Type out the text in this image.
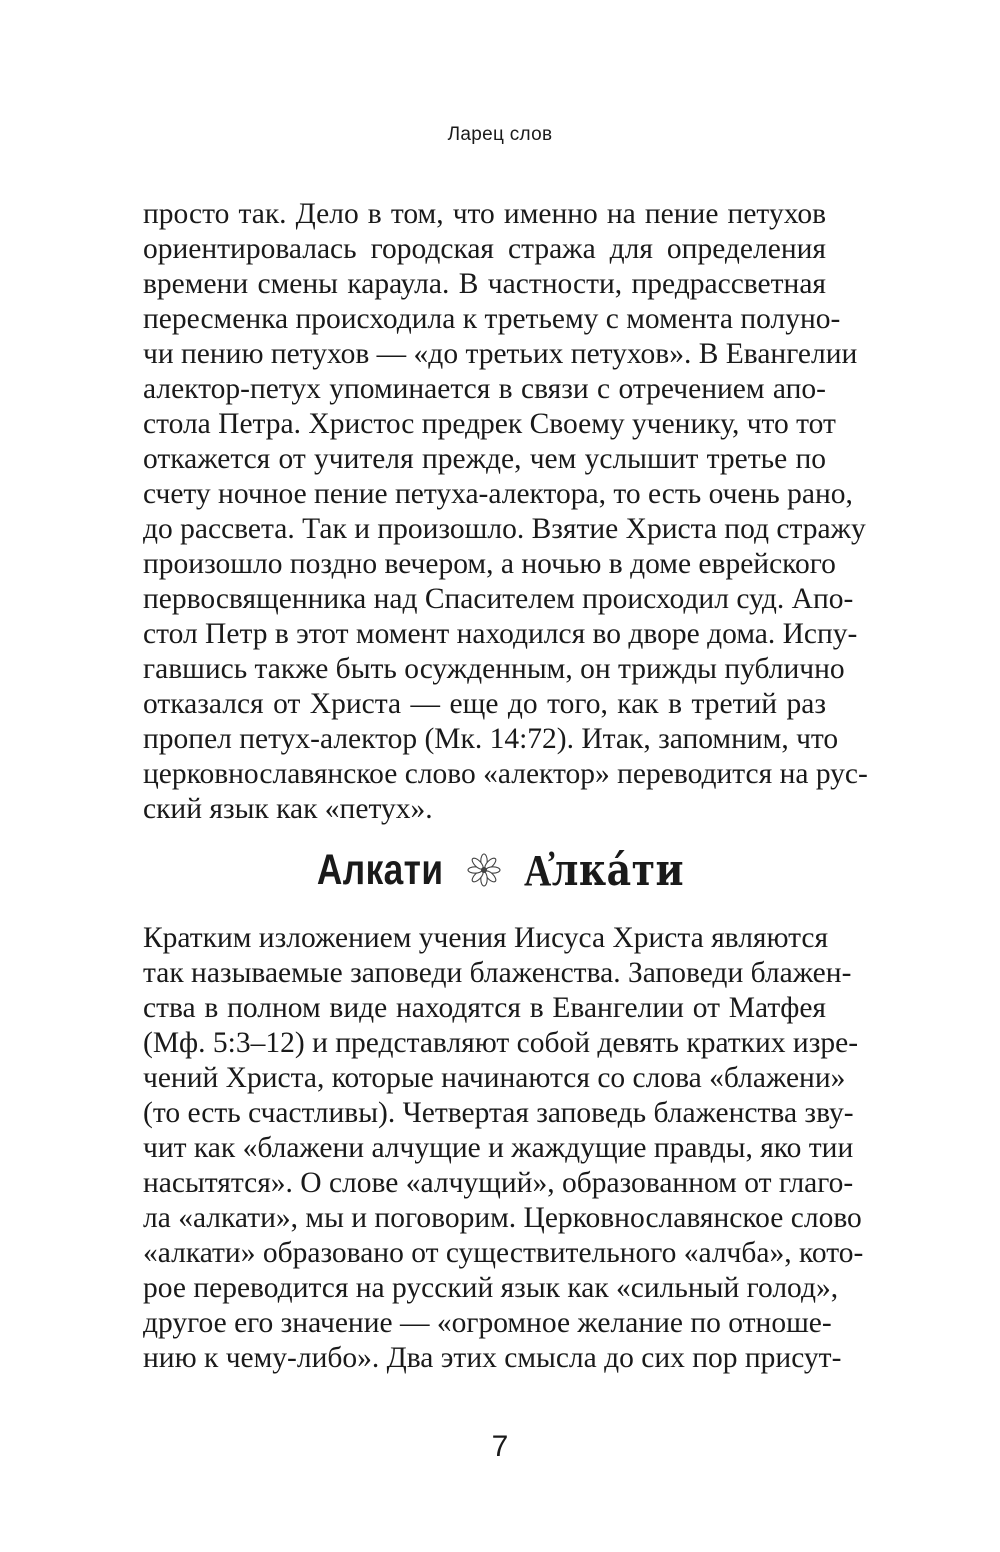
Ларец слов
просто так. Дело в том, что именно на пение петухов
ориентировалась городская стража для определения
времени смены караула. В частности, предрассветная
пересменка происходила к третьему с момента полуно-
чи пению петухов — «до третьих петухов». В Евангелии
алектор-петух упоминается в связи с отречением апо-
стола Петра. Христос предрек Своему ученику, что тот
откажется от учителя прежде, чем услышит третье по
счету ночное пение петуха-алектора, то есть очень рано,
до рассвета. Так и произошло. Взятие Христа под стражу
произошло поздно вечером, а ночью в доме еврейского
первосвященника над Спасителем происходил суд. Апо-
стол Петр в этот момент находился во дворе дома. Испу-
гавшись также быть осужденным, он трижды публично
отказался от Христа — еще до того, как в третий раз
пропел петух-алектор (Мк. 14:72). Итак, запомним, что
церковнославянское слово «алектор» переводится на рус-
ский язык как «петух».
Алкати А҆лка́ти
Кратким изложением учения Иисуса Христа являются
так называемые заповеди блаженства. Заповеди блажен-
ства в полном виде находятся в Евангелии от Матфея
(Мф. 5:3–12) и представляют собой девять кратких изре-
чений Христа, которые начинаются со слова «блажени»
(то есть счастливы). Четвертая заповедь блаженства зву-
чит как «блажени алчущие и жаждущие правды, яко тии
насытятся». О слове «алчущий», образованном от глаго-
ла «алкати», мы и поговорим. Церковнославянское слово
«алкати» образовано от существительного «алчба», кото-
рое переводится на русский язык как «сильный голод»,
другое его значение — «огромное желание по отноше-
нию к чему-либо». Два этих смысла до сих пор присут-
7
